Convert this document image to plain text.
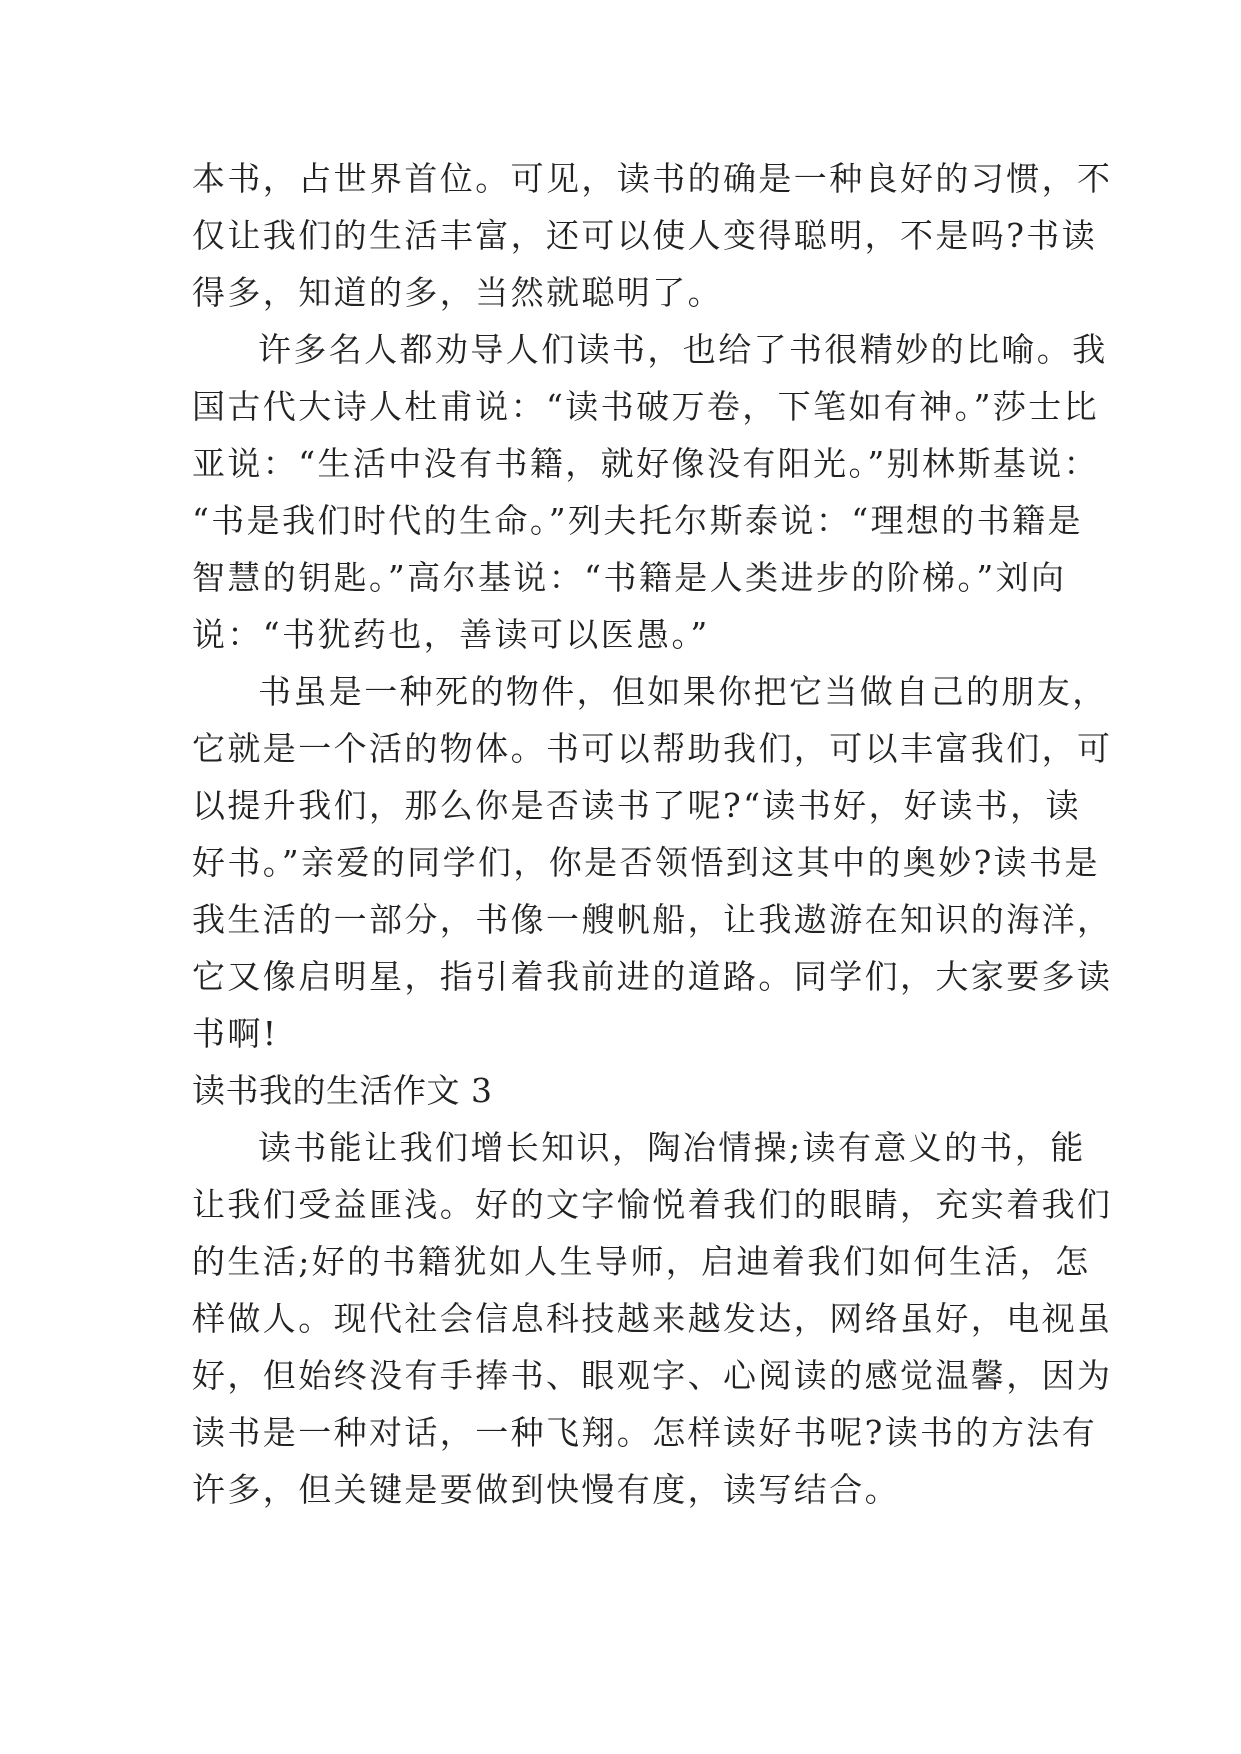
本书，占世界首位。可见，读书的确是一种良好的习惯，不
仅让我们的生活丰富，还可以使人变得聪明，不是吗?书读
得多，知道的多，当然就聪明了。
许多名人都劝导人们读书，也给了书很精妙的比喻。我
国古代大诗人杜甫说：“读书破万卷，下笔如有神。”莎士比
亚说：“生活中没有书籍，就好像没有阳光。”别林斯基说：
“书是我们时代的生命。”列夫托尔斯泰说：“理想的书籍是
智慧的钥匙。”高尔基说：“书籍是人类进步的阶梯。”刘向
说：“书犹药也，善读可以医愚。”
书虽是一种死的物件，但如果你把它当做自己的朋友，
它就是一个活的物体。书可以帮助我们，可以丰富我们，可
以提升我们，那么你是否读书了呢?“读书好，好读书，读
好书。”亲爱的同学们，你是否领悟到这其中的奥妙?读书是
我生活的一部分，书像一艘帆船，让我遨游在知识的海洋，
它又像启明星，指引着我前进的道路。同学们，大家要多读
书啊!
读书我的生活作文 3
读书能让我们增长知识，陶冶情操;读有意义的书，能
让我们受益匪浅。好的文字愉悦着我们的眼睛，充实着我们
的生活;好的书籍犹如人生导师，启迪着我们如何生活，怎
样做人。现代社会信息科技越来越发达，网络虽好，电视虽
好，但始终没有手捧书、眼观字、心阅读的感觉温馨，因为
读书是一种对话，一种飞翔。怎样读好书呢?读书的方法有
许多，但关键是要做到快慢有度，读写结合。
